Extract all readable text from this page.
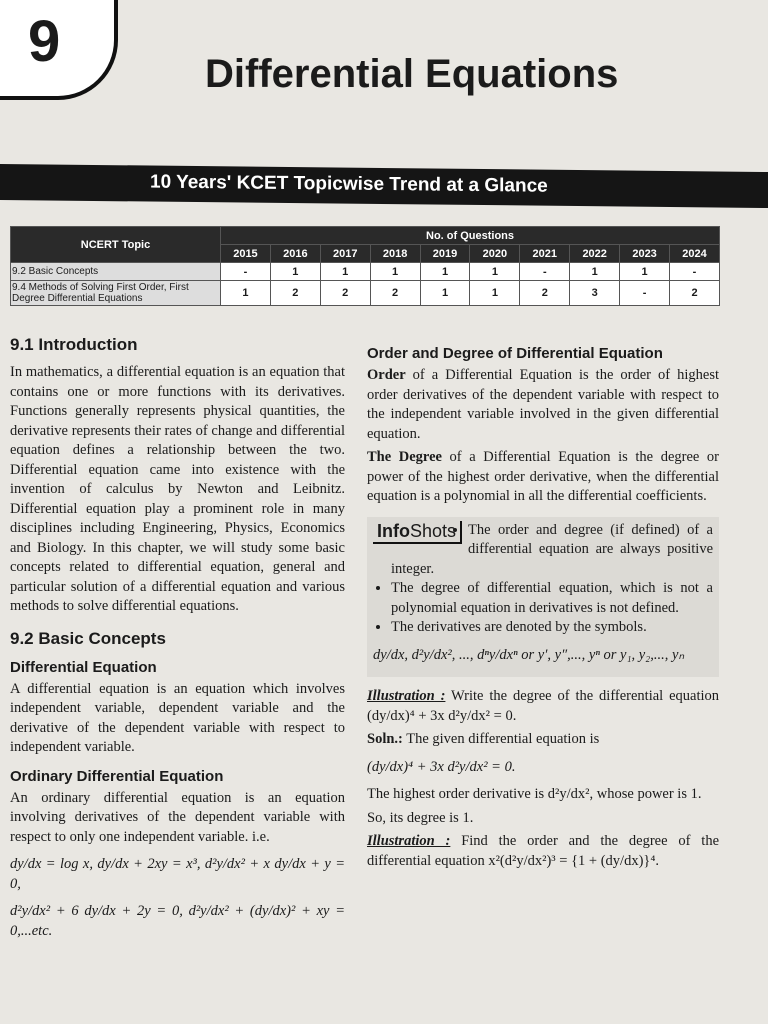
9	Differential Equations
10 Years' KCET Topicwise Trend at a Glance
NCERT Topic	No. of Questions									
	2015	2016	2017	2018	2019	2020	2021	2022	2023	2024
9.2 Basic Concepts	-	1	1	1	1	1	-	1	1	-
9.4 Methods of Solving First Order, First Degree Differential Equations	1	2	2	2	1	1	2	3	-	2
9.1 Introduction

In mathematics, a differential equation is an equation that contains one or more functions with its derivatives. Functions generally represents physical quantities, the derivative represents their rates of change and differential equation defines a relationship between the two. Differential equation came into existence with the invention of calculus by Newton and Leibnitz. Differential equation play a prominent role in many disciplines including Engineering, Physics, Economics and Biology. In this chapter, we will study some basic concepts related to differential equation, general and particular solution of a differential equation and various methods to solve differential equations.

9.2 Basic Concepts
Differential Equation

A differential equation is an equation which involves independent variable, dependent variable and the derivative of the dependent variable with respect to independent variable.

Ordinary Differential Equation

An ordinary differential equation is an equation involving derivatives of the dependent variable with respect to only one independent variable. i.e.

dy/dx = log x, dy/dx + 2xy = x³, d²y/dx² + x dy/dx + y = 0,
d²y/dx² + 6 dy/dx + 2y = 0, d²y/dx² + (dy/dx)² + xy = 0,...etc.
Order and Degree of Differential Equation

Order of a Differential Equation is the order of highest order derivatives of the dependent variable with respect to the independent variable involved in the given differential equation.

The Degree of a Differential Equation is the degree or power of the highest order derivative, when the differential equation is a polynomial in all the differential coefficients.

InfoShots • The order and degree (if defined) of a differential equation are always positive integer.
• The degree of differential equation, which is not a polynomial equation in derivatives is not defined.
• The derivatives are denoted by the symbols.
dy/dx, d²y/dx², ..., dⁿy/dxⁿ or y′, y″,..., yⁿ or y₁, y₂,..., yₙ

Illustration : Write the degree of the differential equation (dy/dx)⁴ + 3x d²y/dx² = 0.

Soln.: The given differential equation is

(dy/dx)⁴ + 3x d²y/dx² = 0.

The highest order derivative is d²y/dx², whose power is 1.

So, its degree is 1.

Illustration : Find the order and the degree of the differential equation x²(d²y/dx²)³ = {1 + (dy/dx)}⁴.
